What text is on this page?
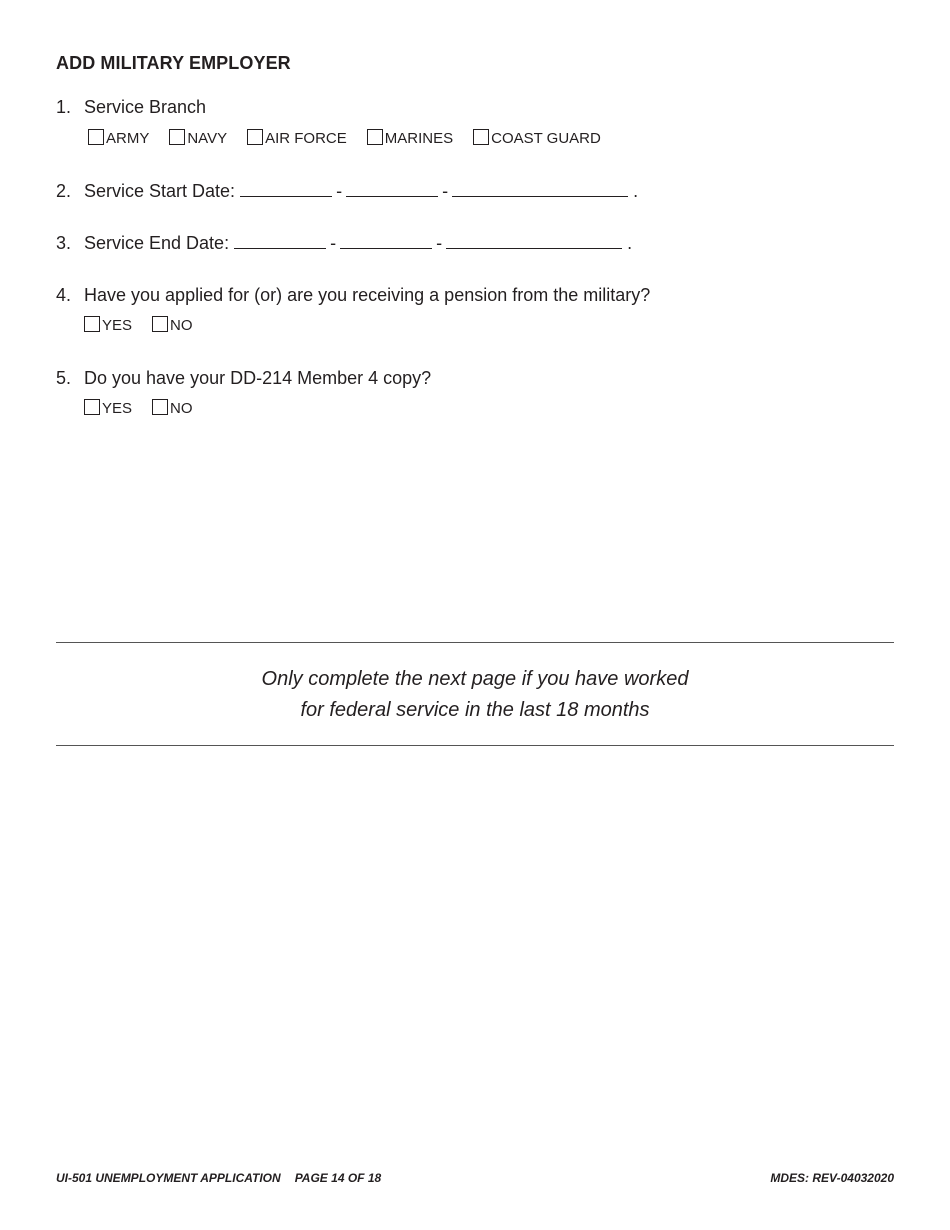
ADD MILITARY EMPLOYER
1. Service Branch
ARMY	NAVY	AIR FORCE	MARINES	COAST GUARD
2. Service Start Date:	-	-	.
3. Service End Date:	-	-	.
4. Have you applied for (or) are you receiving a pension from the military?
YES	NO
5. Do you have your DD-214 Member 4 copy?
YES	NO
Only complete the next page if you have worked
for federal service in the last 18 months
UI-501 UNEMPLOYMENT APPLICATION PAGE 14 OF 18	MDES: REV-04032020
